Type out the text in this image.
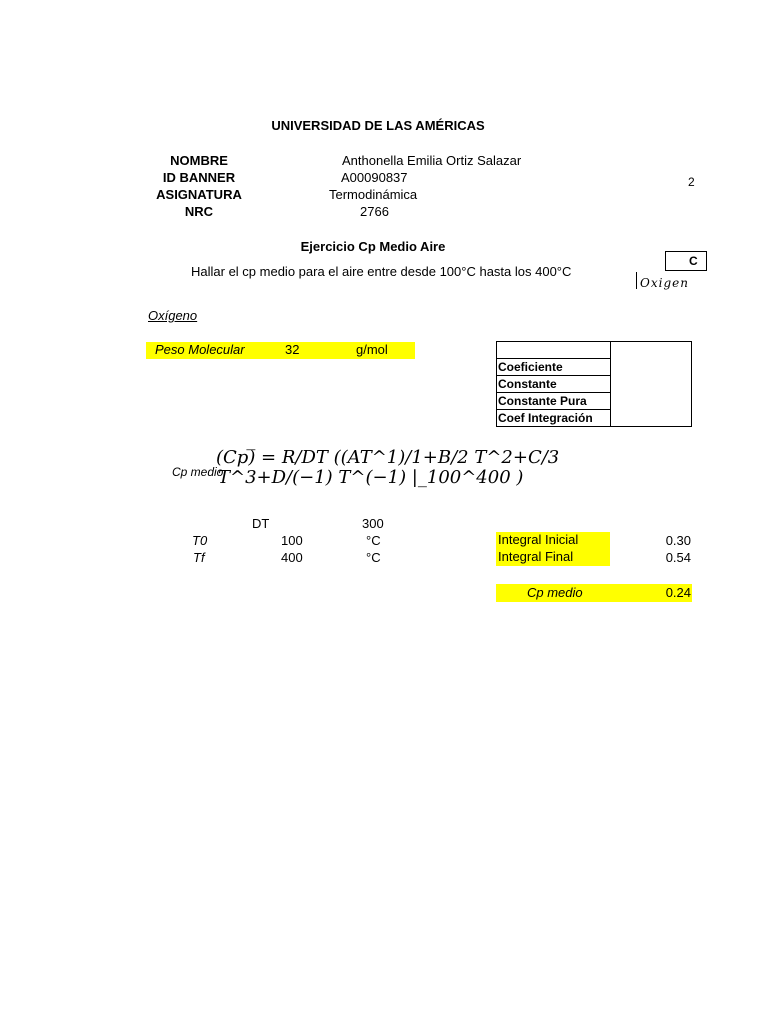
UNIVERSIDAD DE LAS AMÉRICAS
NOMBRE	Anthonella Emilia Ortiz Salazar
ID BANNER	A00090837
ASIGNATURA	Termodinámica
NRC	2766
2
C
Oxigen
Ejercicio Cp Medio Aire
Hallar el cp medio para el aire entre desde 100°C hasta los 400°C
Oxígeno
Peso Molecular	32	g/mol

Coeficiente
Constante
Constante Pura
Coef Integración
Cp medio
(Cp)̅ = R/DT ((AT^1)/1+B/2 T^2+C/3
T^3+D/(−1) T^(−1) |_100^400 )
DT	300
T0	100	°C
Tf	400	°C
Integral Inicial	0.30
Integral Final	0.54
Cp medio	0.24
